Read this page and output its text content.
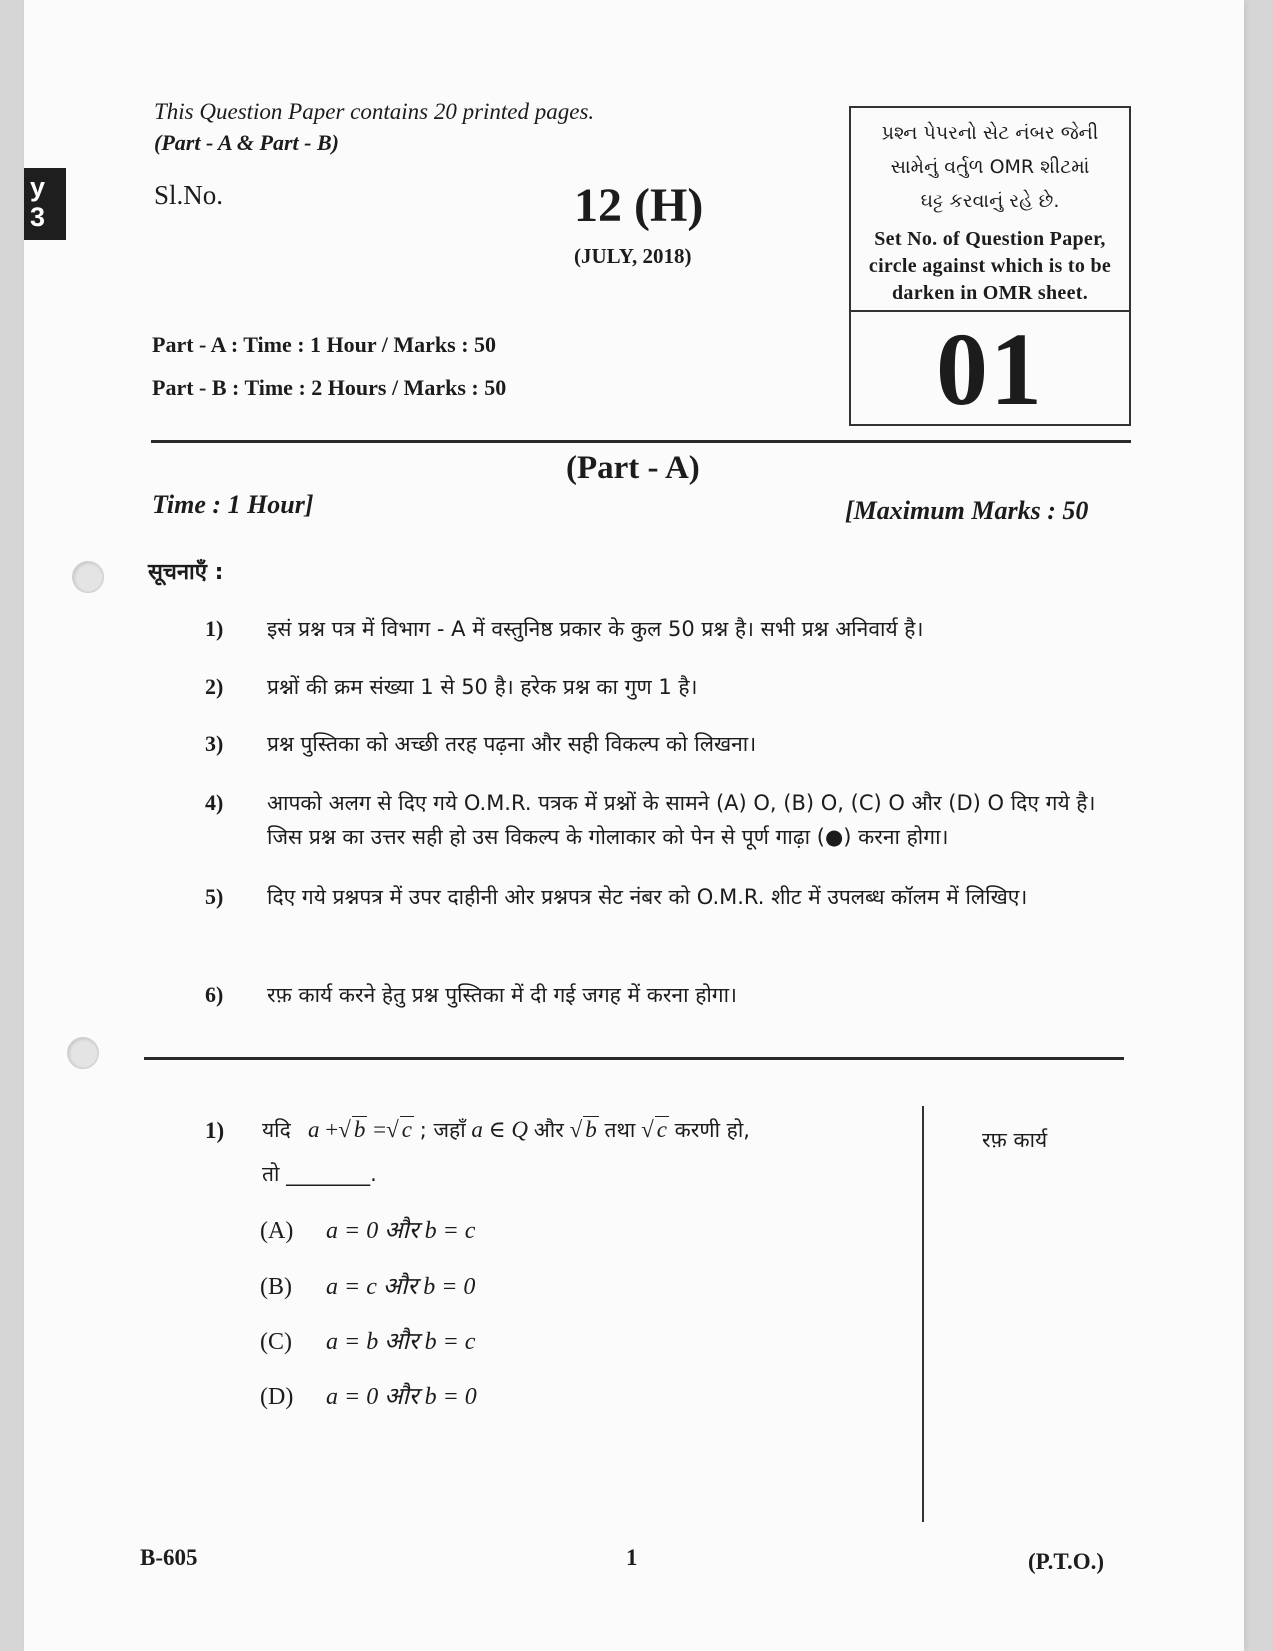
y
3
This Question Paper contains 20 printed pages.
(Part - A & Part - B)
Sl.No.	12 (H)
(JULY, 2018)
Part - A : Time : 1 Hour / Marks : 50
Part - B : Time : 2 Hours / Marks : 50
પ્રશ્ન પેપરનો સેટ નંબર જેની
સામેનું વર્તુળ OMR શીટમાં
ઘટ્ટ કરવાનું રહે છે.
Set No. of Question Paper,
circle against which is to be
darken in OMR sheet.
01
(Part - A)
Time : 1 Hour]	[Maximum Marks : 50
सूचनाएँ :
1)	इसं प्रश्न पत्र में विभाग - A में वस्तुनिष्ठ प्रकार के कुल 50 प्रश्न है। सभी प्रश्न अनिवार्य है।
2)	प्रश्नों की क्रम संख्या 1 से 50 है। हरेक प्रश्न का गुण 1 है।
3)	प्रश्न पुस्तिका को अच्छी तरह पढ़ना और सही विकल्प को लिखना।
4)	आपको अलग से दिए गये O.M.R. पत्रक में प्रश्नों के सामने (A) O, (B) O, (C) O और (D) O दिए गये है। जिस प्रश्न का उत्तर सही हो उस विकल्प के गोलाकार को पेन से पूर्ण गाढ़ा (●) करना होगा।
5)	दिए गये प्रश्नपत्र में उपर दाहीनी ओर प्रश्नपत्र सेट नंबर को O.M.R. शीट में उपलब्ध कॉलम में लिखिए।
6)	रफ़ कार्य करने हेतु प्रश्न पुस्तिका में दी गई जगह में करना होगा।
1) यदि a +√ b =√ c ; जहाँ a ∈ Q और √ b तथा √ c करणी हो,
तो ________.
(A) a = 0 और b = c
(B) a = c और b = 0
(C) a = b और b = c
(D) a = 0 और b = 0
रफ़ कार्य
B-605	1	(P.T.O.)
